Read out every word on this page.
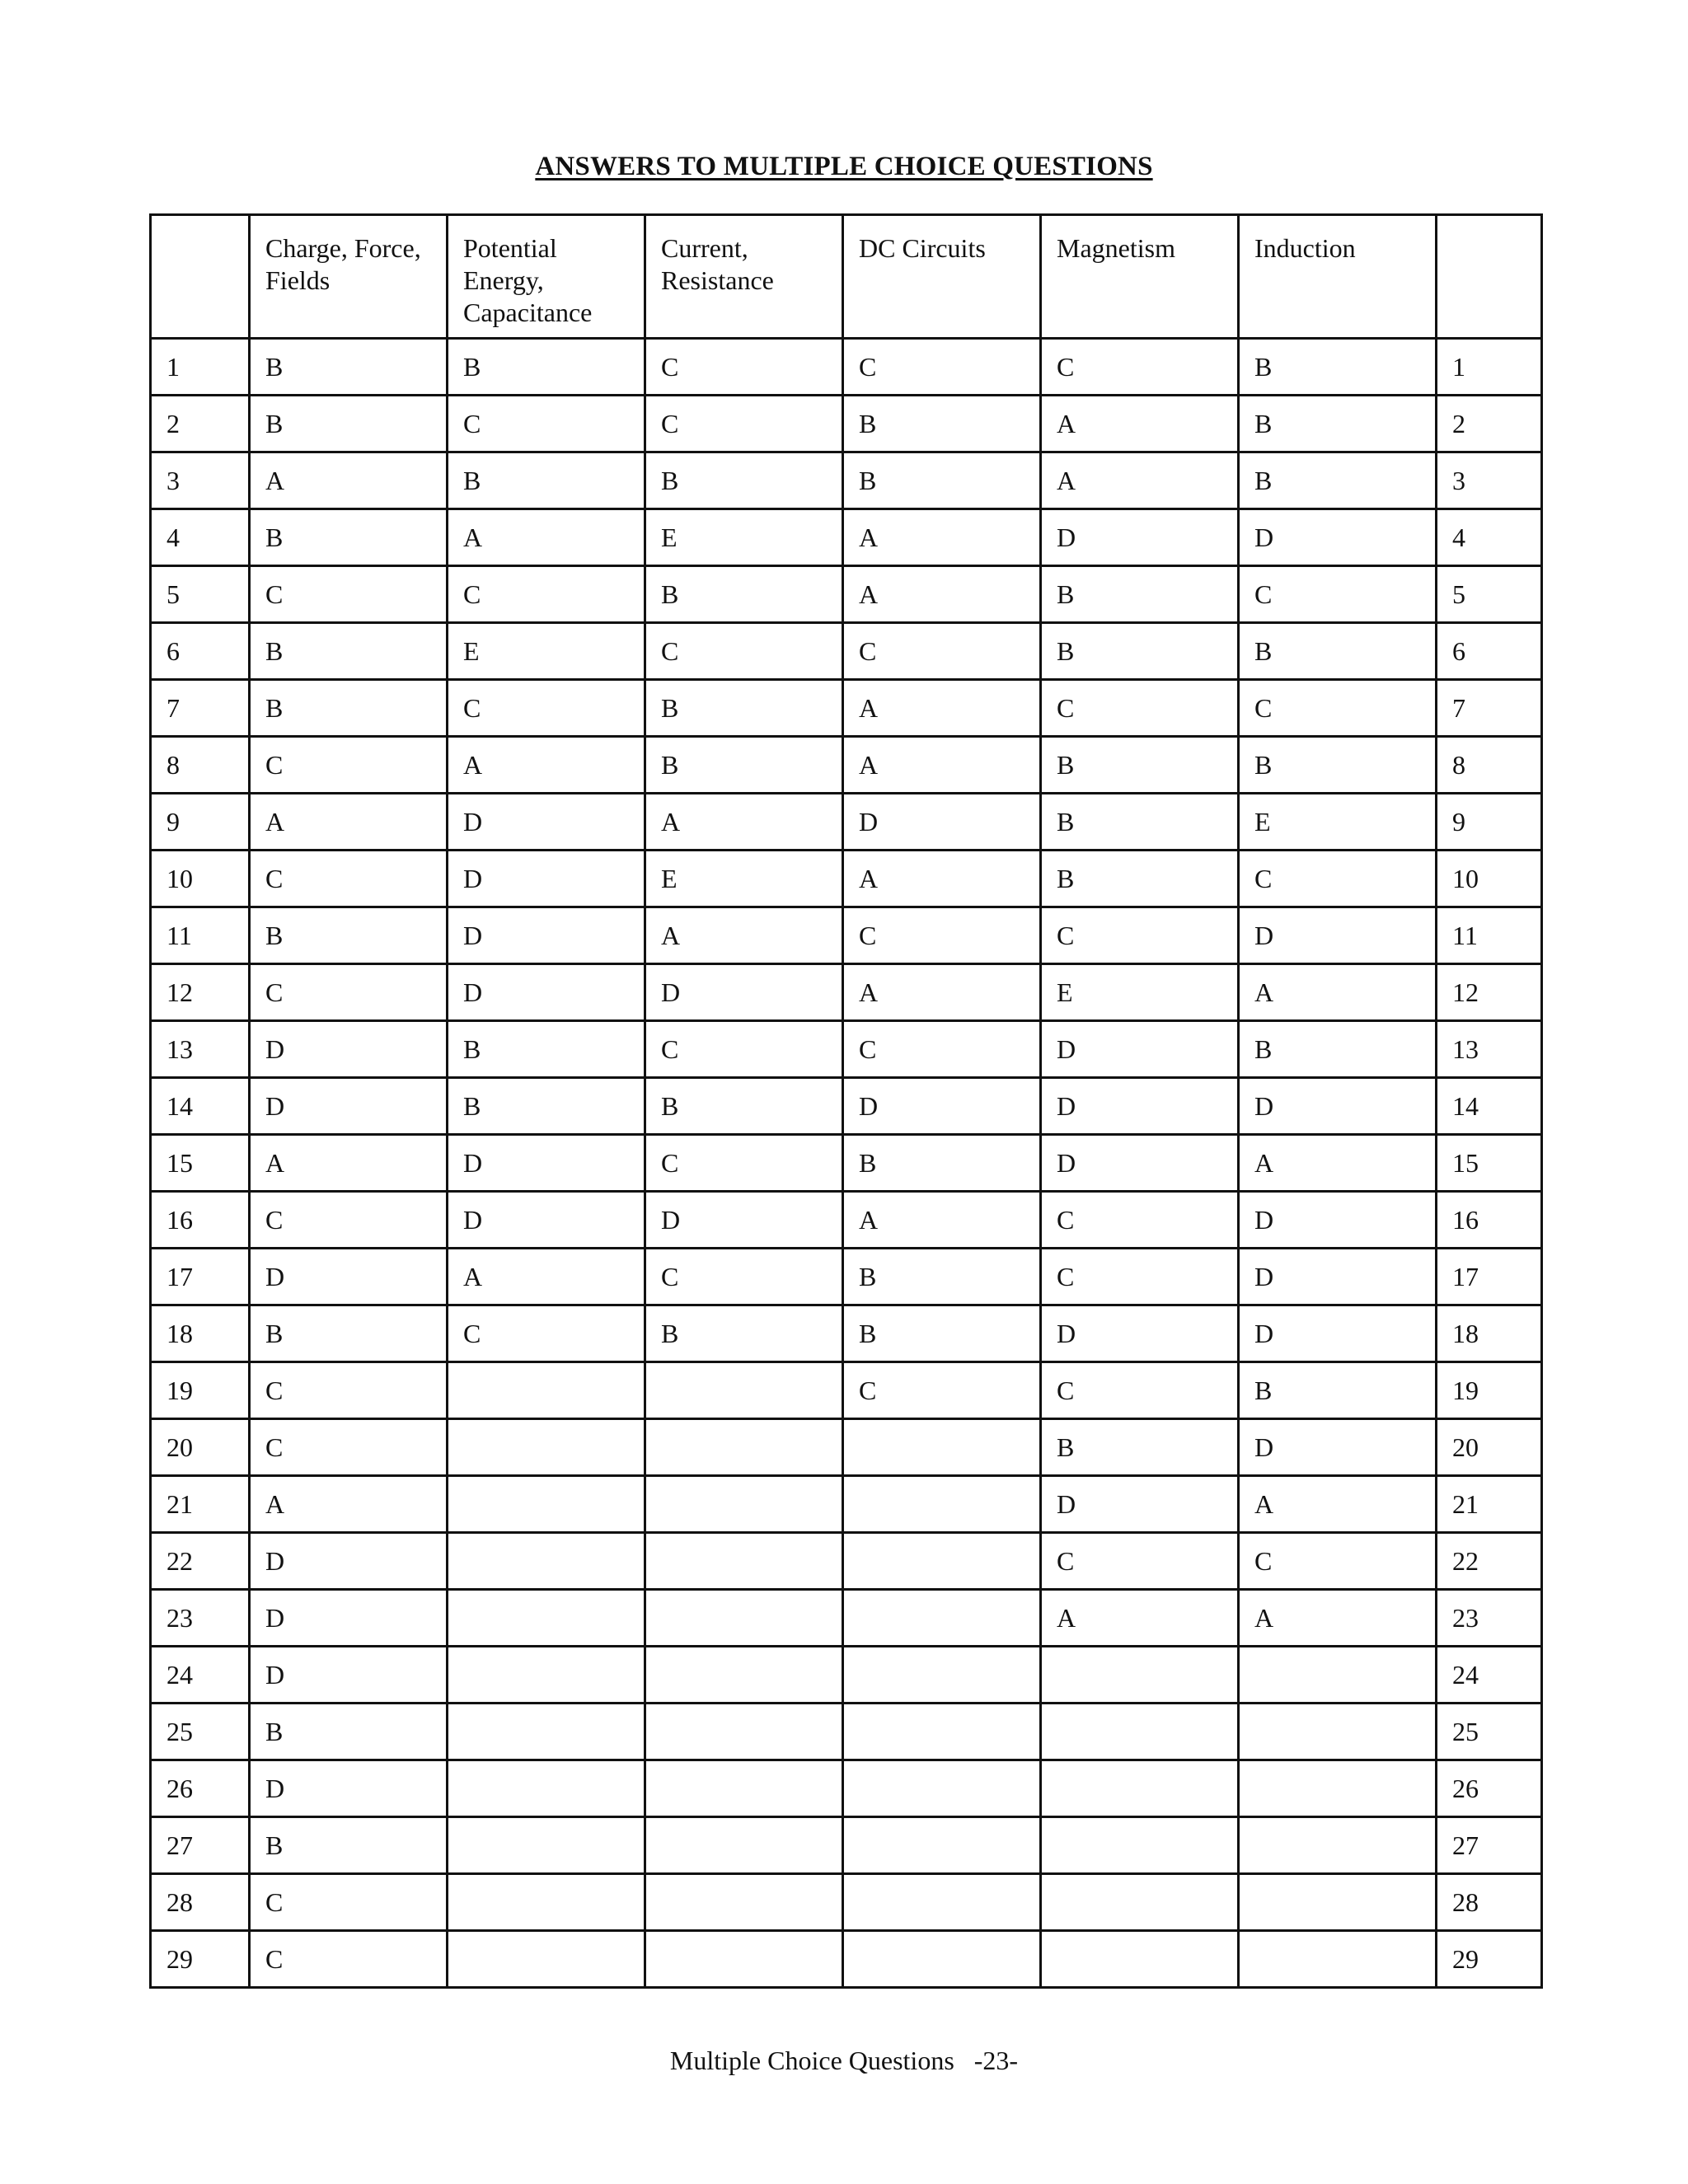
ANSWERS TO MULTIPLE CHOICE QUESTIONS
	Charge, Force, Fields	Potential Energy, Capacitance	Current, Resistance	DC Circuits	Magnetism	Induction	
1	B	B	C	C	C	B	1
2	B	C	C	B	A	B	2
3	A	B	B	B	A	B	3
4	B	A	E	A	D	D	4
5	C	C	B	A	B	C	5
6	B	E	C	C	B	B	6
7	B	C	B	A	C	C	7
8	C	A	B	A	B	B	8
9	A	D	A	D	B	E	9
10	C	D	E	A	B	C	10
11	B	D	A	C	C	D	11
12	C	D	D	A	E	A	12
13	D	B	C	C	D	B	13
14	D	B	B	D	D	D	14
15	A	D	C	B	D	A	15
16	C	D	D	A	C	D	16
17	D	A	C	B	C	D	17
18	B	C	B	B	D	D	18
19	C			C	C	B	19
20	C				B	D	20
21	A				D	A	21
22	D				C	C	22
23	D				A	A	23
24	D						24
25	B						25
26	D						26
27	B						27
28	C						28
29	C						29
Multiple Choice Questions -23-
